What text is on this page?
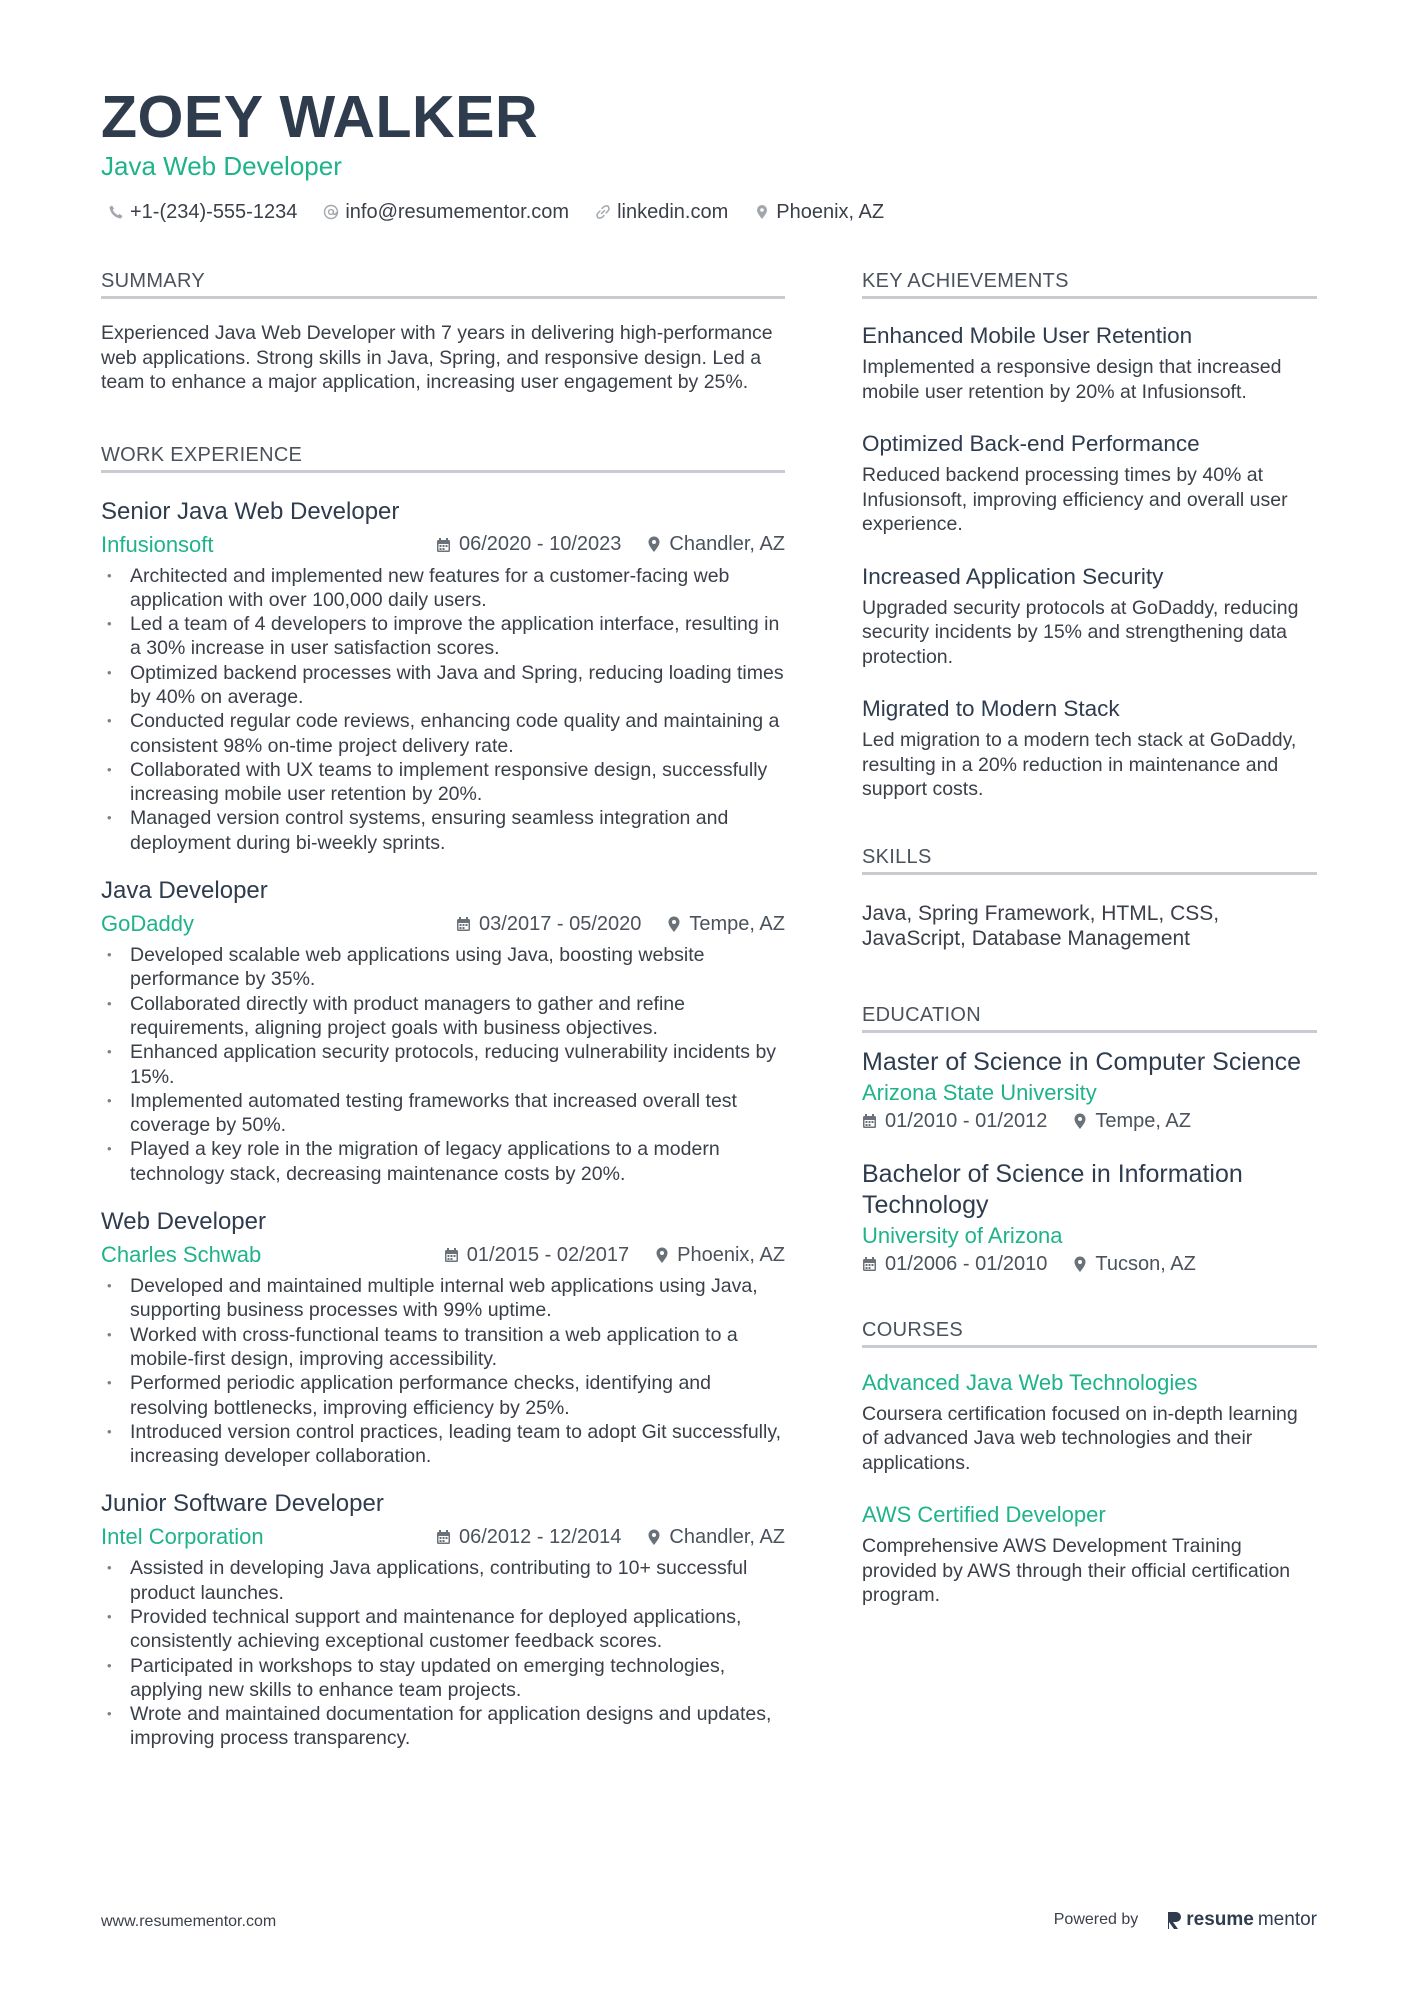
ZOEY WALKER
Java Web Developer
+1-(234)-555-1234 info@resumementor.com linkedin.com Phoenix, AZ
SUMMARY

Experienced Java Web Developer with 7 years in delivering high-performance web applications. Strong skills in Java, Spring, and responsive design. Led a team to enhance a major application, increasing user engagement by 25%.

WORK EXPERIENCE
Senior Java Web Developer
Infusionsoft	06/2020 - 10/2023 Chandler, AZ
• Architected and implemented new features for a customer-facing web application with over 100,000 daily users.
• Led a team of 4 developers to improve the application interface, resulting in a 30% increase in user satisfaction scores.
• Optimized backend processes with Java and Spring, reducing loading times by 40% on average.
• Conducted regular code reviews, enhancing code quality and maintaining a consistent 98% on-time project delivery rate.
• Collaborated with UX teams to implement responsive design, successfully increasing mobile user retention by 20%.
• Managed version control systems, ensuring seamless integration and deployment during bi-weekly sprints.
Java Developer
GoDaddy	03/2017 - 05/2020 Tempe, AZ
• Developed scalable web applications using Java, boosting website performance by 35%.
• Collaborated directly with product managers to gather and refine requirements, aligning project goals with business objectives.
• Enhanced application security protocols, reducing vulnerability incidents by 15%.
• Implemented automated testing frameworks that increased overall test coverage by 50%.
• Played a key role in the migration of legacy applications to a modern technology stack, decreasing maintenance costs by 20%.
Web Developer
Charles Schwab	01/2015 - 02/2017 Phoenix, AZ
• Developed and maintained multiple internal web applications using Java, supporting business processes with 99% uptime.
• Worked with cross-functional teams to transition a web application to a mobile-first design, improving accessibility.
• Performed periodic application performance checks, identifying and resolving bottlenecks, improving efficiency by 25%.
• Introduced version control practices, leading team to adopt Git successfully, increasing developer collaboration.
Junior Software Developer
Intel Corporation	06/2012 - 12/2014 Chandler, AZ
• Assisted in developing Java applications, contributing to 10+ successful product launches.
• Provided technical support and maintenance for deployed applications, consistently achieving exceptional customer feedback scores.
• Participated in workshops to stay updated on emerging technologies, applying new skills to enhance team projects.
• Wrote and maintained documentation for application designs and updates, improving process transparency.
KEY ACHIEVEMENTS
Enhanced Mobile User Retention

Implemented a responsive design that increased mobile user retention by 20% at Infusionsoft.

Optimized Back-end Performance

Reduced backend processing times by 40% at Infusionsoft, improving efficiency and overall user experience.

Increased Application Security

Upgraded security protocols at GoDaddy, reducing security incidents by 15% and strengthening data protection.

Migrated to Modern Stack

Led migration to a modern tech stack at GoDaddy, resulting in a 20% reduction in maintenance and support costs.

SKILLS

Java, Spring Framework, HTML, CSS, JavaScript, Database Management

EDUCATION
Master of Science in Computer Science
Arizona State University
01/2010 - 01/2012 Tempe, AZ
Bachelor of Science in Information Technology
University of Arizona
01/2006 - 01/2010 Tucson, AZ
COURSES
Advanced Java Web Technologies

Coursera certification focused on in-depth learning of advanced Java web technologies and their applications.

AWS Certified Developer

Comprehensive AWS Development Training provided by AWS through their official certification program.

www.resumementor.com	Powered by	resume mentor
